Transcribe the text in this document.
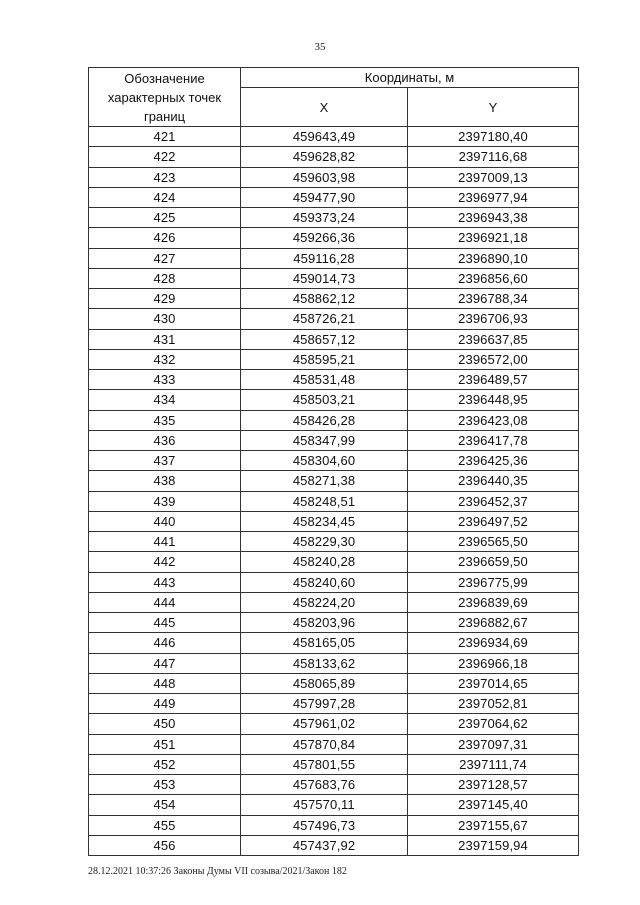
35
Обозначение характерных точек границ	Координаты, м	
	X	Y
421	459643,49	2397180,40
422	459628,82	2397116,68
423	459603,98	2397009,13
424	459477,90	2396977,94
425	459373,24	2396943,38
426	459266,36	2396921,18
427	459116,28	2396890,10
428	459014,73	2396856,60
429	458862,12	2396788,34
430	458726,21	2396706,93
431	458657,12	2396637,85
432	458595,21	2396572,00
433	458531,48	2396489,57
434	458503,21	2396448,95
435	458426,28	2396423,08
436	458347,99	2396417,78
437	458304,60	2396425,36
438	458271,38	2396440,35
439	458248,51	2396452,37
440	458234,45	2396497,52
441	458229,30	2396565,50
442	458240,28	2396659,50
443	458240,60	2396775,99
444	458224,20	2396839,69
445	458203,96	2396882,67
446	458165,05	2396934,69
447	458133,62	2396966,18
448	458065,89	2397014,65
449	457997,28	2397052,81
450	457961,02	2397064,62
451	457870,84	2397097,31
452	457801,55	2397111,74
453	457683,76	2397128,57
454	457570,11	2397145,40
455	457496,73	2397155,67
456	457437,92	2397159,94
28.12.2021 10:37:26 Законы Думы VII созыва/2021/Закон 182
